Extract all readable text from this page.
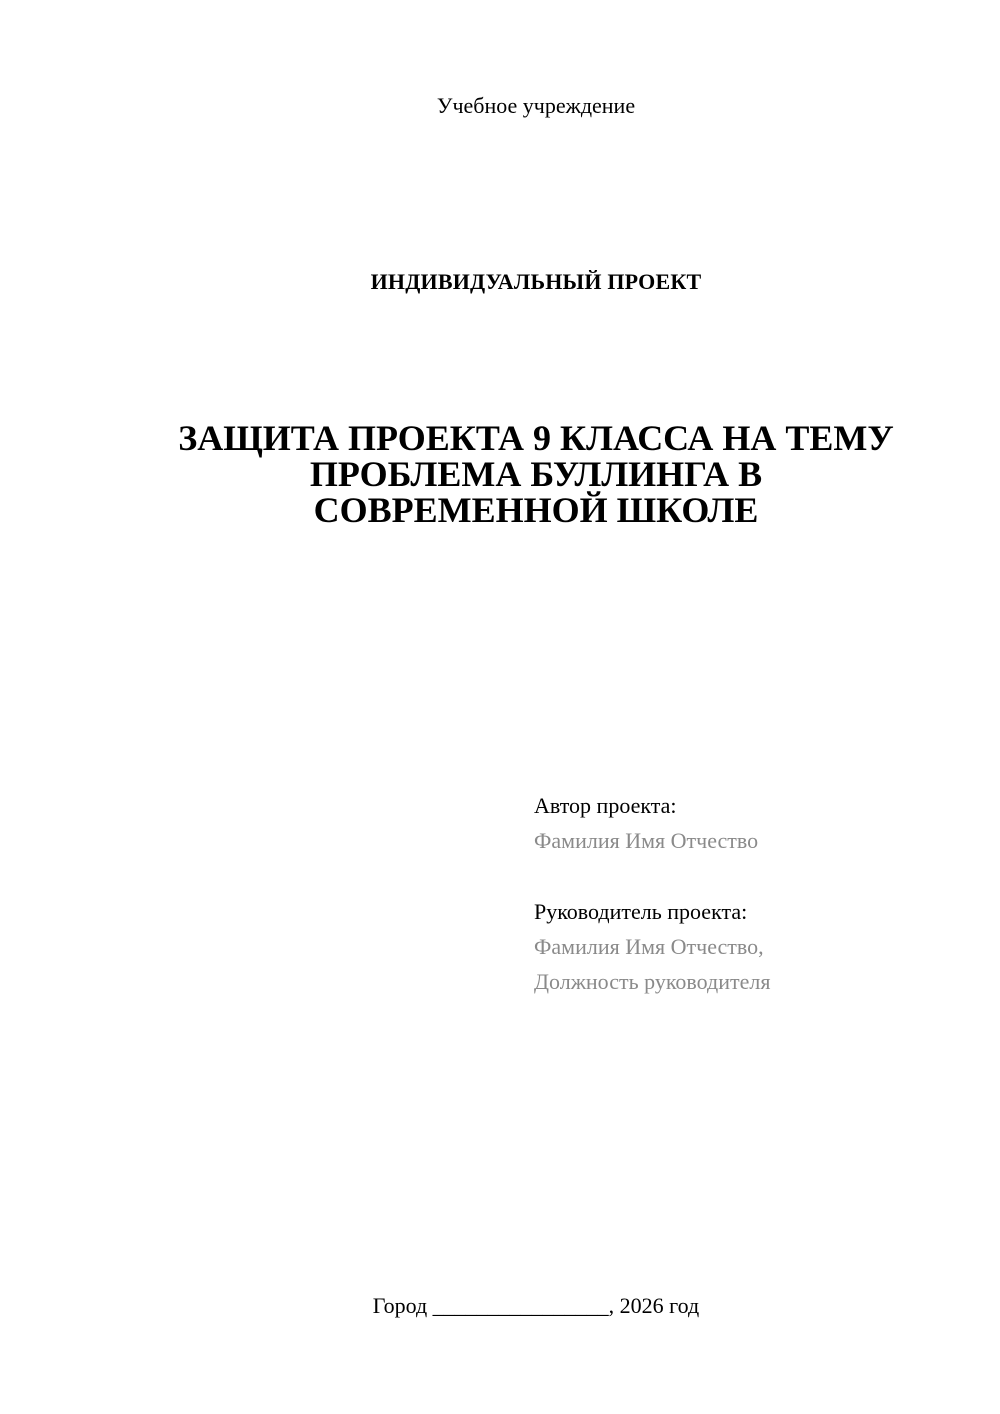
Учебное учреждение
ИНДИВИДУАЛЬНЫЙ ПРОЕКТ
ЗАЩИТА ПРОЕКТА 9 КЛАССА НА ТЕМУ
ПРОБЛЕМА БУЛЛИНГА В
СОВРЕМЕННОЙ ШКОЛЕ
Автор проекта:
Фамилия Имя Отчество
Руководитель проекта:
Фамилия Имя Отчество,
Должность руководителя
Город ________________, 2026 год
